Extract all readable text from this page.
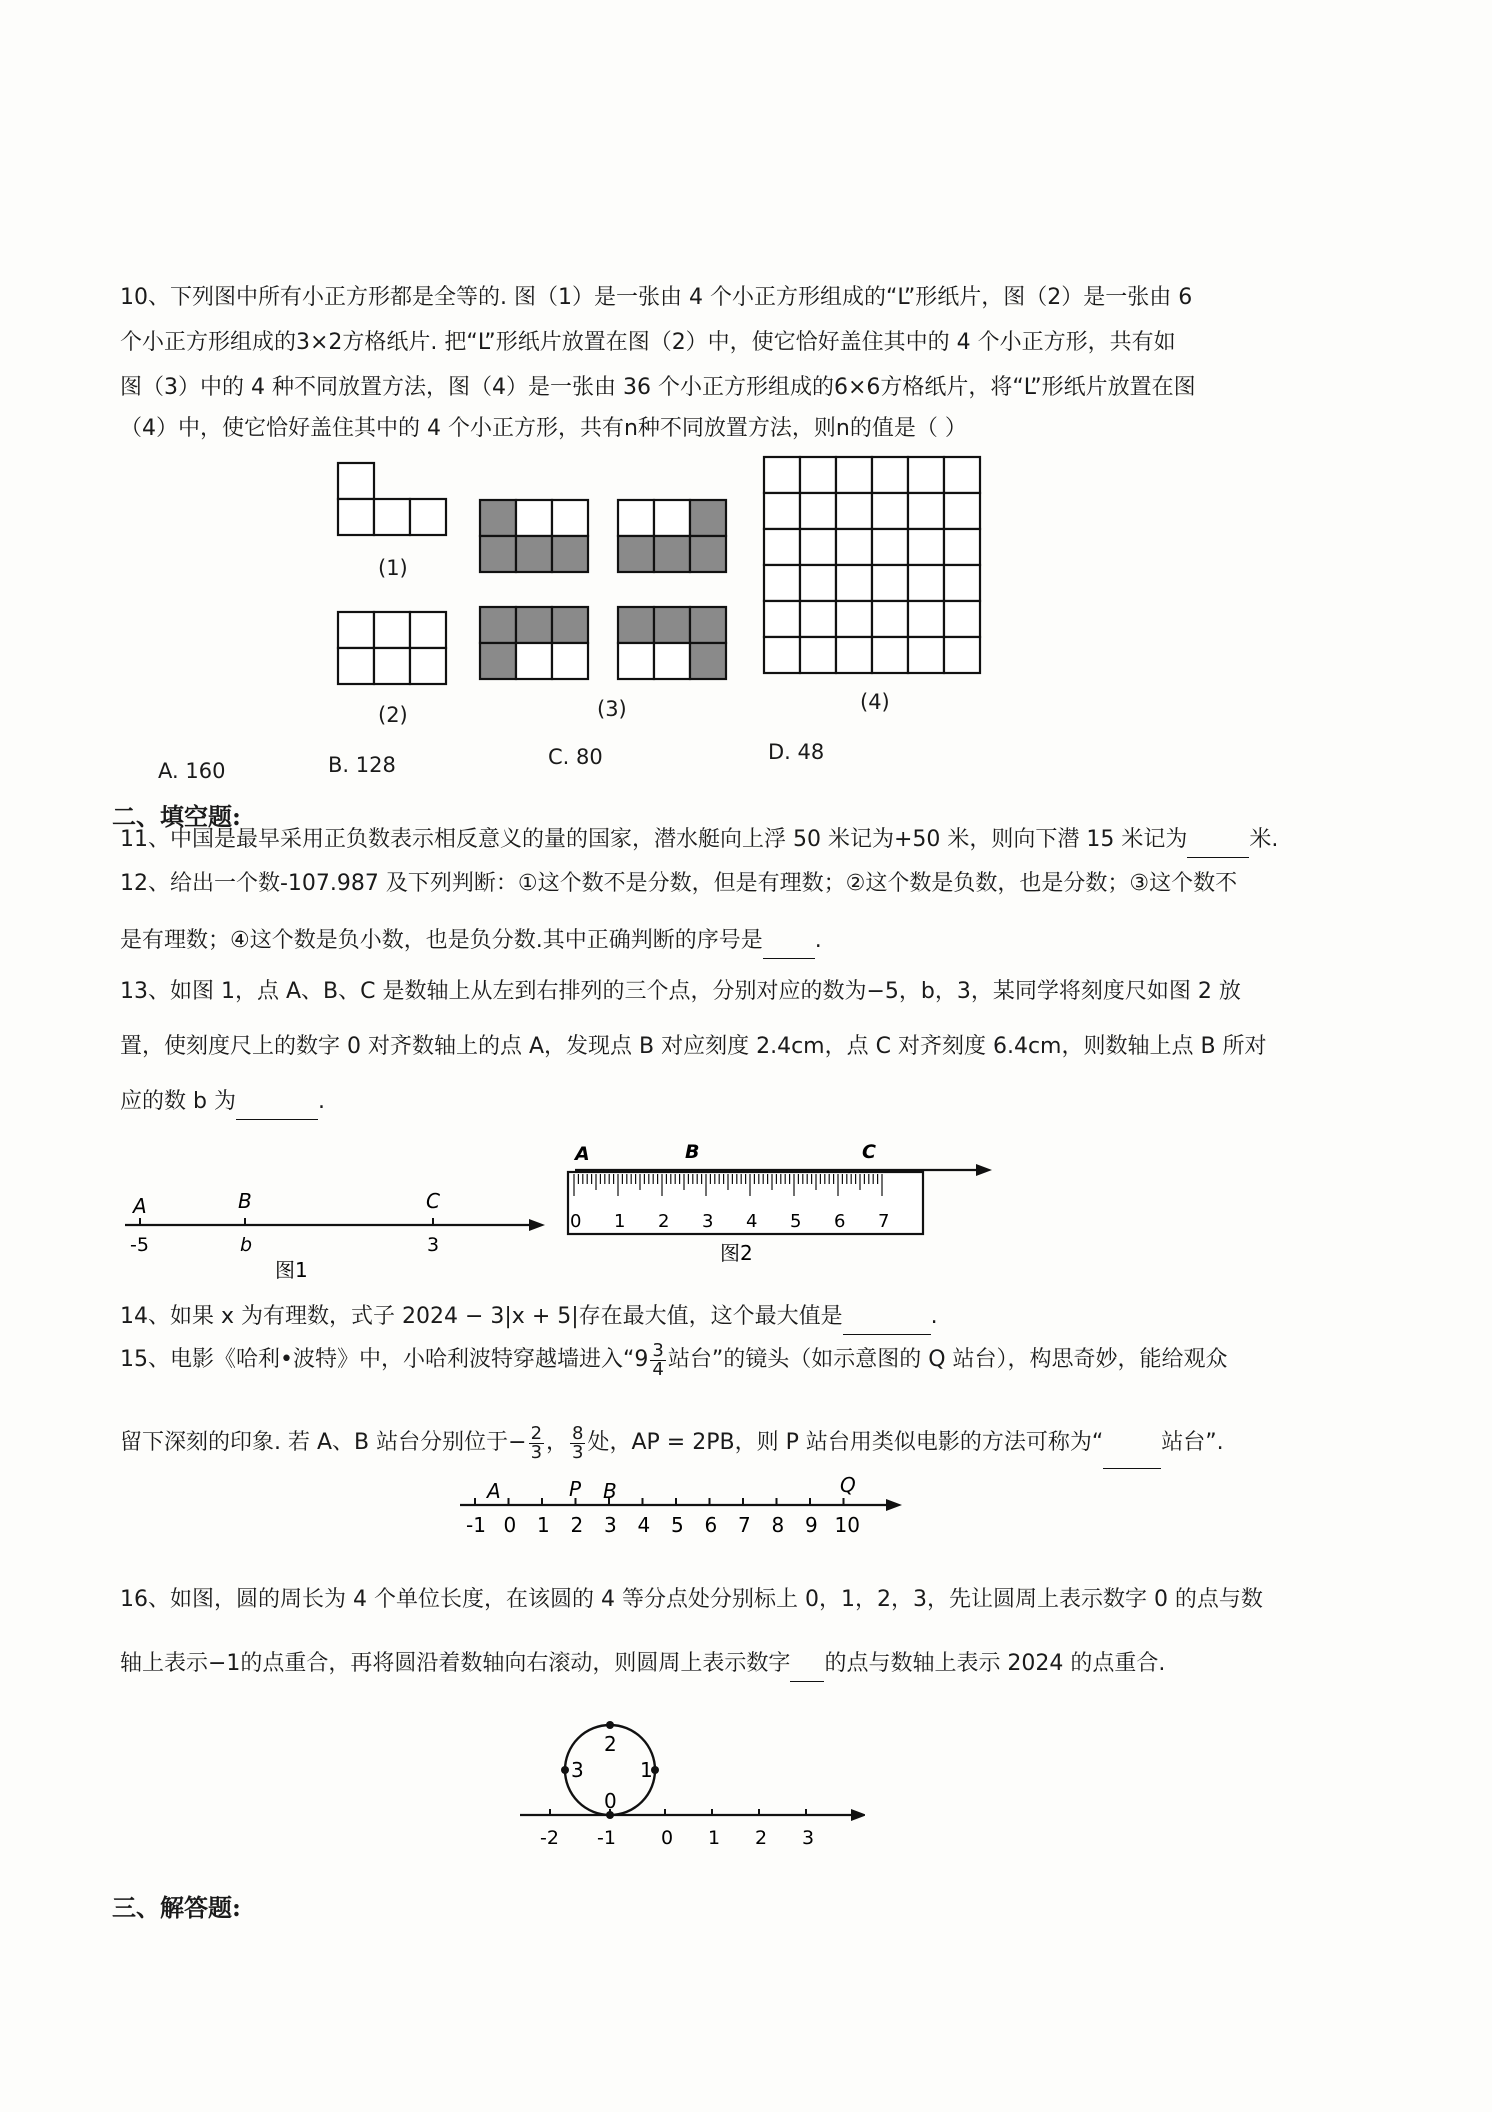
10、下列图中所有小正方形都是全等的. 图（1）是一张由 4 个小正方形组成的“L”形纸片，图（2）是一张由 6
个小正方形组成的3×2方格纸片. 把“L”形纸片放置在图（2）中，使它恰好盖住其中的 4 个小正方形，共有如
图（3）中的 4 种不同放置方法，图（4）是一张由 36 个小正方形组成的6×6方格纸片，将“L”形纸片放置在图
（4）中，使它恰好盖住其中的 4 个小正方形，共有n种不同放置方法，则n的值是（ ）
(1)
(2)	(3)	(4)
A. 160	B. 128	C. 80	D. 48
二、填空题:
11、中国是最早采用正负数表示相反意义的量的国家，潜水艇向上浮 50 米记为+50 米，则向下潜 15 米记为	米.
12、给出一个数-107.987 及下列判断：①这个数不是分数，但是有理数；②这个数是负数，也是分数；③这个数不
是有理数；④这个数是负小数，也是负分数.其中正确判断的序号是 .
13、如图 1，点 A、B、C 是数轴上从左到右排列的三个点，分别对应的数为−5，b，3，某同学将刻度尺如图 2 放
置，使刻度尺上的数字 0 对齐数轴上的点 A，发现点 B 对应刻度 2.4cm，点 C 对齐刻度 6.4cm，则数轴上点 B 所对
应的数 b 为	.
A	B	C
-5	b	3
图1
A	B	C
0 1 2 3 4 5 6 7
图2
14、如果 x 为有理数，式子 2024 − 3|x + 5|存在最大值，这个最大值是	.
15、电影《哈利•波特》中，小哈利波特穿越墙进入“$9 \frac{3}{4}$ 站台”的镜头（如示意图的 Q 站台），构思奇妙，能给观众
留下深刻的印象. 若 A、B 站台分别位于− $\frac{2}{3}$ ， $\frac{8}{3}$ 处，AP = 2PB，则 P 站台用类似电影的方法可称为“	站台”.
A	P B	Q
-1 0 1 2 3 4 5 6 7 8 9 10
16、如图，圆的周长为 4 个单位长度，在该圆的 4 等分点处分别标上 0，1，2，3，先让圆周上表示数字 0 的点与数
轴上表示−1的点重合，再将圆沿着数轴向右滚动，则圆周上表示数字 的点与数轴上表示 2024 的点重合.
2
3	1
0
-2 -1 0 1 2 3
三、解答题:
